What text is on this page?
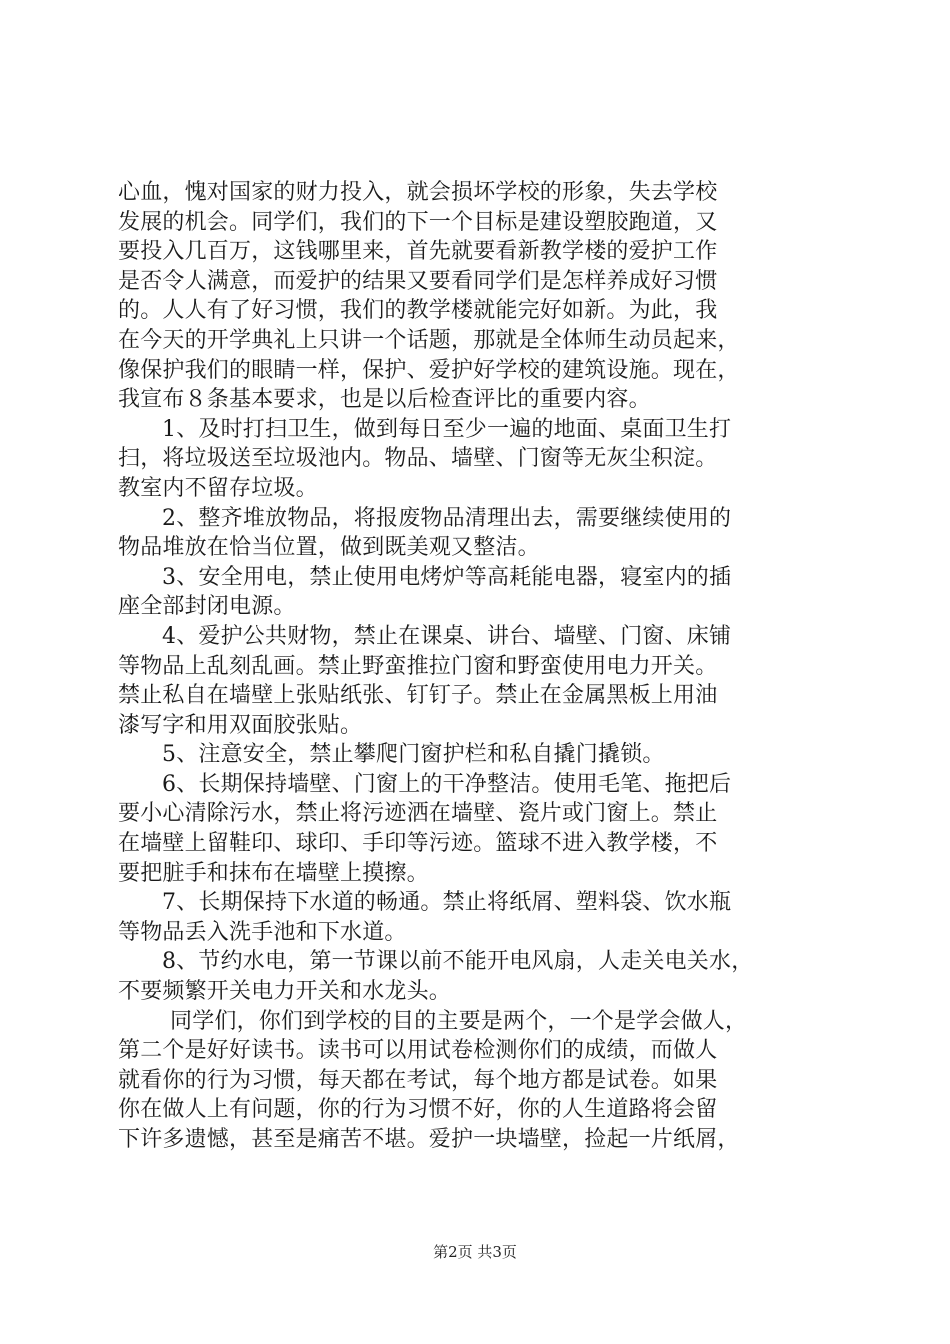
心血，愧对国家的财力投入，就会损坏学校的形象，失去学校
发展的机会。同学们，我们的下一个目标是建设塑胶跑道，又
要投入几百万，这钱哪里来，首先就要看新教学楼的爱护工作
是否令人满意，而爱护的结果又要看同学们是怎样养成好习惯
的。人人有了好习惯，我们的教学楼就能完好如新。为此，我
在今天的开学典礼上只讲一个话题，那就是全体师生动员起来，
像保护我们的眼睛一样，保护、爱护好学校的建筑设施。现在，
我宣布８条基本要求，也是以后检查评比的重要内容。
1、及时打扫卫生，做到每日至少一遍的地面、桌面卫生打
扫，将垃圾送至垃圾池内。物品、墙壁、门窗等无灰尘积淀。
教室内不留存垃圾。
2、整齐堆放物品，将报废物品清理出去，需要继续使用的
物品堆放在恰当位置，做到既美观又整洁。
3、安全用电，禁止使用电烤炉等高耗能电器，寝室内的插
座全部封闭电源。
4、爱护公共财物，禁止在课桌、讲台、墙壁、门窗、床铺
等物品上乱刻乱画。禁止野蛮推拉门窗和野蛮使用电力开关。
禁止私自在墙壁上张贴纸张、钉钉子。禁止在金属黑板上用油
漆写字和用双面胶张贴。
5、注意安全，禁止攀爬门窗护栏和私自撬门撬锁。
6、长期保持墙壁、门窗上的干净整洁。使用毛笔、拖把后
要小心清除污水，禁止将污迹洒在墙壁、瓷片或门窗上。禁止
在墙壁上留鞋印、球印、手印等污迹。篮球不进入教学楼，不
要把脏手和抹布在墙壁上摸擦。
7、长期保持下水道的畅通。禁止将纸屑、塑料袋、饮水瓶
等物品丢入洗手池和下水道。
8、节约水电，第一节课以前不能开电风扇，人走关电关水，
不要频繁开关电力开关和水龙头。
同学们，你们到学校的目的主要是两个，一个是学会做人，
第二个是好好读书。读书可以用试卷检测你们的成绩，而做人
就看你的行为习惯，每天都在考试，每个地方都是试卷。如果
你在做人上有问题，你的行为习惯不好，你的人生道路将会留
下许多遗憾，甚至是痛苦不堪。爱护一块墙壁，捡起一片纸屑，
第2页 共3页
